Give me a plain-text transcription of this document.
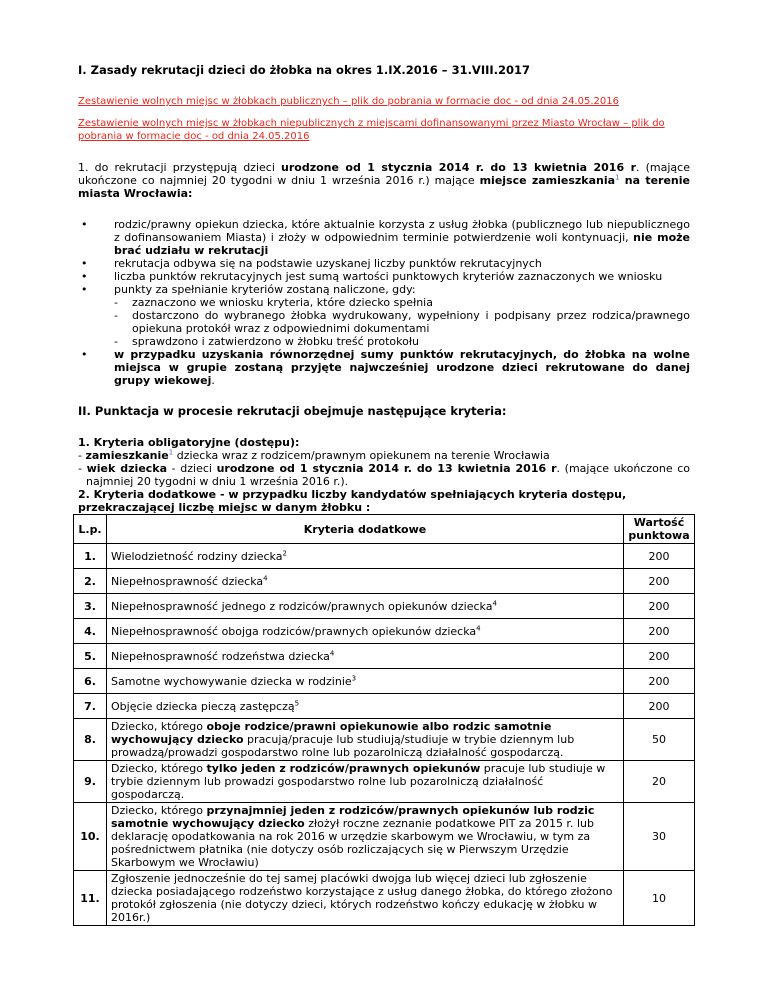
I. Zasady rekrutacji dzieci do żłobka na okres 1.IX.2016 – 31.VIII.2017
Zestawienie wolnych miejsc w żłobkach publicznych – plik do pobrania w formacie doc - od dnia 24.05.2016
Zestawienie wolnych miejsc w żłobkach niepublicznych z miejscami dofinansowanymi przez Miasto Wrocław – plik do pobrania w formacie doc - od dnia 24.05.2016
1. do rekrutacji przystępują dzieci urodzone od 1 stycznia 2014 r. do 13 kwietnia 2016 r. (mające ukończone co najmniej 20 tygodni w dniu 1 września 2016 r.) mające miejsce zamieszkania$^1$ na terenie miasta Wrocławia:
• rodzic/prawny opiekun dziecka, które aktualnie korzysta z usług żłobka (publicznego lub niepublicznego z dofinansowaniem Miasta) i złoży w odpowiednim terminie potwierdzenie woli kontynuacji, nie może brać udziału w rekrutacji
• rekrutacja odbywa się na podstawie uzyskanej liczby punktów rekrutacyjnych
• liczba punktów rekrutacyjnych jest sumą wartości punktowych kryteriów zaznaczonych we wniosku
• punkty za spełnianie kryteriów zostaną naliczone, gdy:
- zaznaczono we wniosku kryteria, które dziecko spełnia
- dostarczono do wybranego żłobka wydrukowany, wypełniony i podpisany przez rodzica/prawnego opiekuna protokół wraz z odpowiednimi dokumentami
- sprawdzono i zatwierdzono w żłobku treść protokołu
• w przypadku uzyskania równorzędnej sumy punktów rekrutacyjnych, do żłobka na wolne miejsca w grupie zostaną przyjęte najwcześniej urodzone dzieci rekrutowane do danej grupy wiekowej.
II. Punktacja w procesie rekrutacji obejmuje następujące kryteria:
1. Kryteria obligatoryjne (dostępu):
- zamieszkanie$^1$ dziecka wraz z rodzicem/prawnym opiekunem na terenie Wrocławia
- wiek dziecka - dzieci urodzone od 1 stycznia 2014 r. do 13 kwietnia 2016 r. (mające ukończone co najmniej 20 tygodni w dniu 1 września 2016 r.).
2. Kryteria dodatkowe - w przypadku liczby kandydatów spełniających kryteria dostępu, przekraczającej liczbę miejsc w danym żłobku :
L.p.	Kryteria dodatkowe	Wartość punktowa
1.	Wielodzietność rodziny dziecka$^2$	200
2.	Niepełnosprawność dziecka$^4$	200
3.	Niepełnosprawność jednego z rodziców/prawnych opiekunów dziecka$^4$	200
4.	Niepełnosprawność obojga rodziców/prawnych opiekunów dziecka$^4$	200
5.	Niepełnosprawność rodzeństwa dziecka$^4$	200
6.	Samotne wychowywanie dziecka w rodzinie$^3$	200
7.	Objęcie dziecka pieczą zastępczą$^5$	200
8.	Dziecko, którego oboje rodzice/prawni opiekunowie albo rodzic samotnie wychowujący dziecko pracują/pracuje lub studiują/studiuje w trybie dziennym lub prowadzą/prowadzi gospodarstwo rolne lub pozarolniczą działalność gospodarczą.	50
9.	Dziecko, którego tylko jeden z rodziców/prawnych opiekunów pracuje lub studiuje w trybie dziennym lub prowadzi gospodarstwo rolne lub pozarolniczą działalność gospodarczą.	20
10.	Dziecko, którego przynajmniej jeden z rodziców/prawnych opiekunów lub rodzic samotnie wychowujący dziecko złożył roczne zeznanie podatkowe PIT za 2015 r. lub deklarację opodatkowania na rok 2016 w urzędzie skarbowym we Wrocławiu, w tym za pośrednictwem płatnika (nie dotyczy osób rozliczających się w Pierwszym Urzędzie Skarbowym we Wrocławiu)	30
11.	Zgłoszenie jednocześnie do tej samej placówki dwojga lub więcej dzieci lub zgłoszenie dziecka posiadającego rodzeństwo korzystające z usług danego żłobka, do którego złożono protokół zgłoszenia (nie dotyczy dzieci, których rodzeństwo kończy edukację w żłobku w 2016r.)	10
